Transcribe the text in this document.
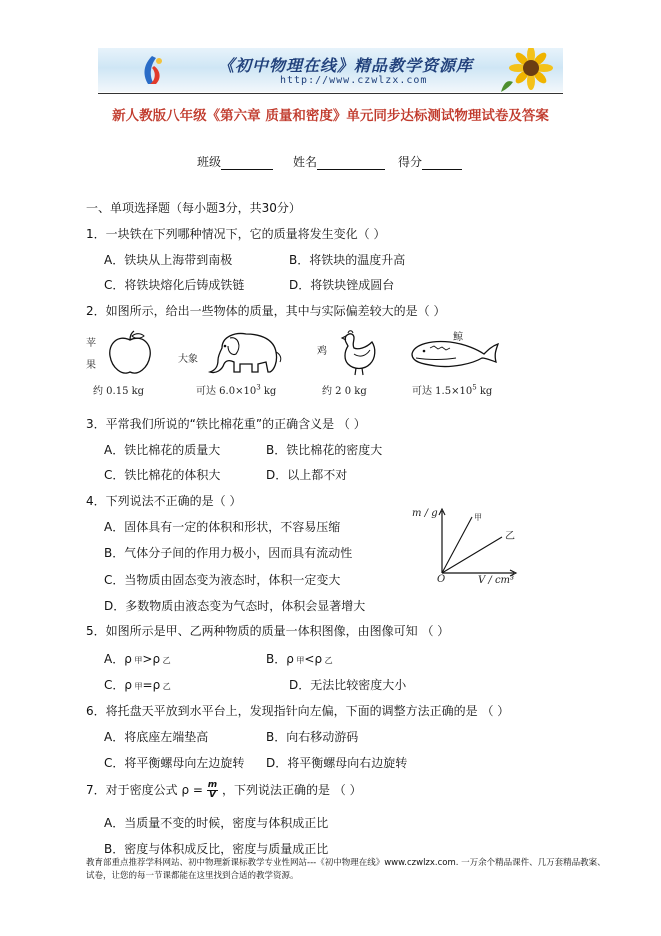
《初中物理在线》精品教学资源库
http://www.czwlzx.com
新人教版八年级《第六章 质量和密度》单元同步达标测试物理试卷及答案
班级	姓名	得分
一、单项选择题（每小题3分，共30分）
1．一块铁在下列哪种情况下，它的质量将发生变化（ ）
A．铁块从上海带到南极	B．将铁块的温度升高
C．将铁块熔化后铸成铁链	D．将铁块锉成圆台
2．如图所示，给出一些物体的质量，其中与实际偏差较大的是（ ）
苹
果
约 0.15 kg
大象
可达 $6.0\times 10^3$ kg
鸡
约 2 0 kg
鲸
可达 $1.5\times 10^5$ kg
3．平常我们所说的“铁比棉花重”的正确含义是 （ ）
A．铁比棉花的质量大	B．铁比棉花的密度大
C．铁比棉花的体积大	D．以上都不对
4．下列说法不正确的是（ ）
A．固体具有一定的体积和形状，不容易压缩
B．气体分子间的作用力极小，因而具有流动性
C．当物质由固态变为液态时，体积一定变大
D．多数物质由液态变为气态时，体积会显著增大
m / g	甲
乙
O	V / cm³
5．如图所示是甲、乙两种物质的质量一体积图像，由图像可知 （ ）
A．ρ 甲>ρ 乙	B．ρ 甲<ρ 乙
C．ρ 甲=ρ 乙	D．无法比较密度大小
6．将托盘天平放到水平台上，发现指针向左偏，下面的调整方法正确的是 （ ）
A．将底座左端垫高	B．向右移动游码
C．将平衡螺母向左边旋转 D．将平衡螺母向右边旋转
7．对于密度公式 $\rho = \frac{m}{V}$ ，下列说法正确的是 （ ）
A．当质量不变的时候，密度与体积成正比
B．密度与体积成反比，密度与质量成正比
教育部重点推荐学科网站、初中物理新课标教学专业性网站---《初中物理在线》www.czwlzx.com. 一万余个精品课件、几万套精品教案、试卷，让您的每一节课都能在这里找到合适的教学资源。
